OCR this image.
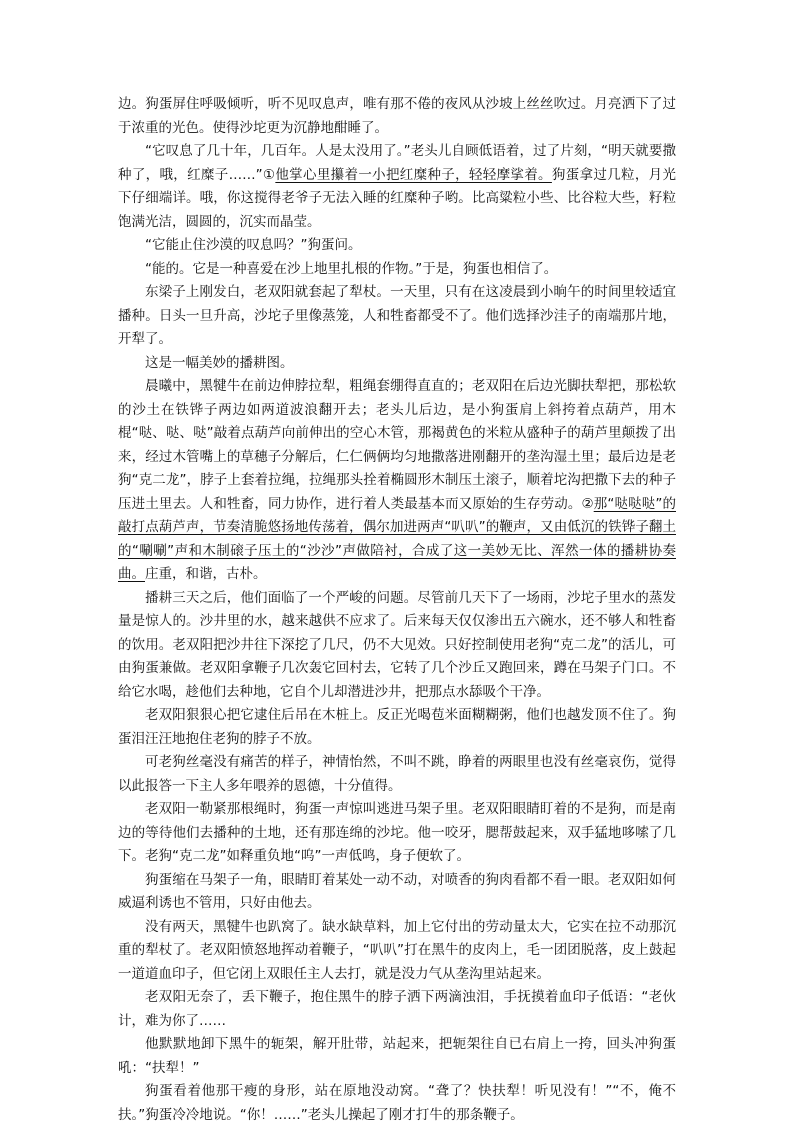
边。狗蛋屏住呼吸倾听，听不见叹息声，唯有那不倦的夜风从沙坡上丝丝吹过。月亮洒下了过于浓重的光色。使得沙坨更为沉静地酣睡了。

“它叹息了几十年，几百年。人是太没用了。”老头儿自顾低语着，过了片刻，“明天就要撒种了，哦，红糜子……”①他掌心里攥着一小把红糜种子，轻轻摩挲着。狗蛋拿过几粒，月光下仔细端详。哦，你这搅得老爷子无法入睡的红糜种子哟。比高粱粒小些、比谷粒大些，籽粒饱满光洁，圆圆的，沉实而晶莹。

“它能止住沙漠的叹息吗？”狗蛋问。

“能的。它是一种喜爱在沙上地里扎根的作物。”于是，狗蛋也相信了。

东梁子上刚发白，老双阳就套起了犁杖。一天里，只有在这凌晨到小晌午的时间里较适宜播种。日头一旦升高，沙坨子里像蒸笼，人和牲畜都受不了。他们选择沙洼子的南端那片地，开犁了。

这是一幅美妙的播耕图。

晨曦中，黑犍牛在前边伸脖拉犁，粗绳套绷得直直的；老双阳在后边光脚扶犁把，那松软的沙土在铁铧子两边如两道波浪翻开去；老头儿后边，是小狗蛋肩上斜挎着点葫芦，用木棍“哒、哒、哒”敲着点葫芦向前伸出的空心木管，那褐黄色的米粒从盛种子的葫芦里颠拨了出来，经过木管嘴上的草穗子分解后，仁仁俩俩均匀地撒落进刚翻开的垄沟湿土里；最后边是老狗“克二龙”，脖子上套着拉绳，拉绳那头拴着椭圆形木制压土滚子，顺着坨沟把撒下去的种子压进土里去。人和牲畜，同力协作，进行着人类最基本而又原始的生存劳动。②那“哒哒哒”的敲打点葫芦声，节奏清脆悠扬地传荡着，偶尔加进两声“叭叭”的鞭声，又由低沉的铁铧子翻土的“唰唰”声和木制磙子压土的“沙沙”声做陪衬，合成了这一美妙无比、浑然一体的播耕协奏曲。庄重，和谐，古朴。

播耕三天之后，他们面临了一个严峻的问题。尽管前几天下了一场雨，沙坨子里水的蒸发量是惊人的。沙井里的水，越来越供不应求了。后来每天仅仅渗出五六碗水，还不够人和牲畜的饮用。老双阳把沙井往下深挖了几尺，仍不大见效。只好控制使用老狗“克二龙”的活儿，可由狗蛋兼做。老双阳拿鞭子几次轰它回村去，它转了几个沙丘又跑回来，蹲在马架子门口。不给它水喝，趁他们去种地，它自个儿却潜进沙井，把那点水舔吸个干净。

老双阳狠狠心把它逮住后吊在木桩上。反正光喝苞米面糊糊粥，他们也越发顶不住了。狗蛋泪汪汪地抱住老狗的脖子不放。

可老狗丝毫没有痛苦的样子，神情怡然，不叫不跳，睁着的两眼里也没有丝毫哀伤，觉得以此报答一下主人多年喂养的恩德，十分值得。

老双阳一勒紧那根绳时，狗蛋一声惊叫逃进马架子里。老双阳眼睛盯着的不是狗，而是南边的等待他们去播种的土地，还有那连绵的沙坨。他一咬牙，腮帮鼓起来，双手猛地哆嗦了几下。老狗“克二龙”如释重负地“呜”一声低鸣，身子便软了。

狗蛋缩在马架子一角，眼睛盯着某处一动不动，对喷香的狗肉看都不看一眼。老双阳如何威逼利诱也不管用，只好由他去。

没有两天，黑犍牛也趴窝了。缺水缺草料，加上它付出的劳动量太大，它实在拉不动那沉重的犁杖了。老双阳愤怒地挥动着鞭子，“叭叭”打在黑牛的皮肉上，毛一团团脱落，皮上鼓起一道道血印子，但它闭上双眼任主人去打，就是没力气从垄沟里站起来。

老双阳无奈了，丢下鞭子，抱住黑牛的脖子洒下两滴浊泪，手抚摸着血印子低语：“老伙计，难为你了……

他默默地卸下黑牛的轭架，解开肚带，站起来，把轭架往自已右肩上一挎，回头冲狗蛋吼：“扶犁！”

狗蛋看着他那干瘦的身形，站在原地没动窝。“聋了？快扶犁！听见没有！”“不，俺不扶。”狗蛋冷冷地说。“你！……”老头儿操起了刚才打牛的那条鞭子。
